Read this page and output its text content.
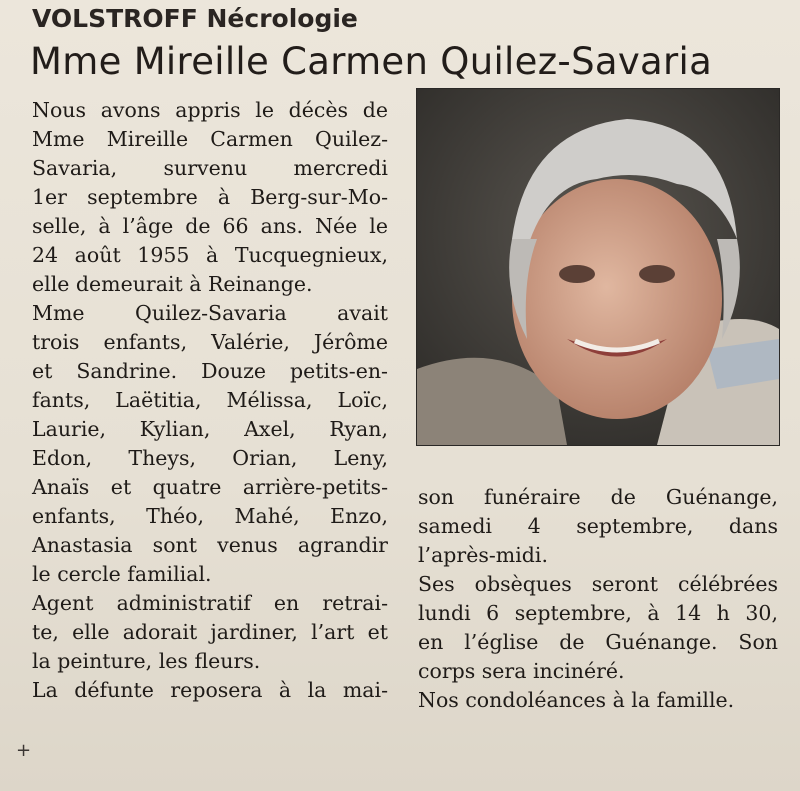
VOLSTROFF Nécrologie
Mme Mireille Carmen Quilez-Savaria
Nous avons appris le décès de
Mme Mireille Carmen Quilez-
Savaria, survenu mercredi
1er septembre à Berg-sur-Mo-
selle, à l’âge de 66 ans. Née le
24 août 1955 à Tucquegnieux,
elle demeurait à Reinange.
Mme Quilez-Savaria avait
trois enfants, Valérie, Jérôme
et Sandrine. Douze petits-en-
fants, Laëtitia, Mélissa, Loïc,
Laurie, Kylian, Axel, Ryan,
Edon, Theys, Orian, Leny,
Anaïs et quatre arrière-petits-
enfants, Théo, Mahé, Enzo,
Anastasia sont venus agrandir
le cercle familial.
Agent administratif en retrai-
te, elle adorait jardiner, l’art et
la peinture, les fleurs.
La défunte reposera à la mai-
son funéraire de Guénange,
samedi 4 septembre, dans
l’après-midi.
Ses obsèques seront célébrées
lundi 6 septembre, à 14 h 30,
en l’église de Guénange. Son
corps sera incinéré.
Nos condoléances à la famille.
+
